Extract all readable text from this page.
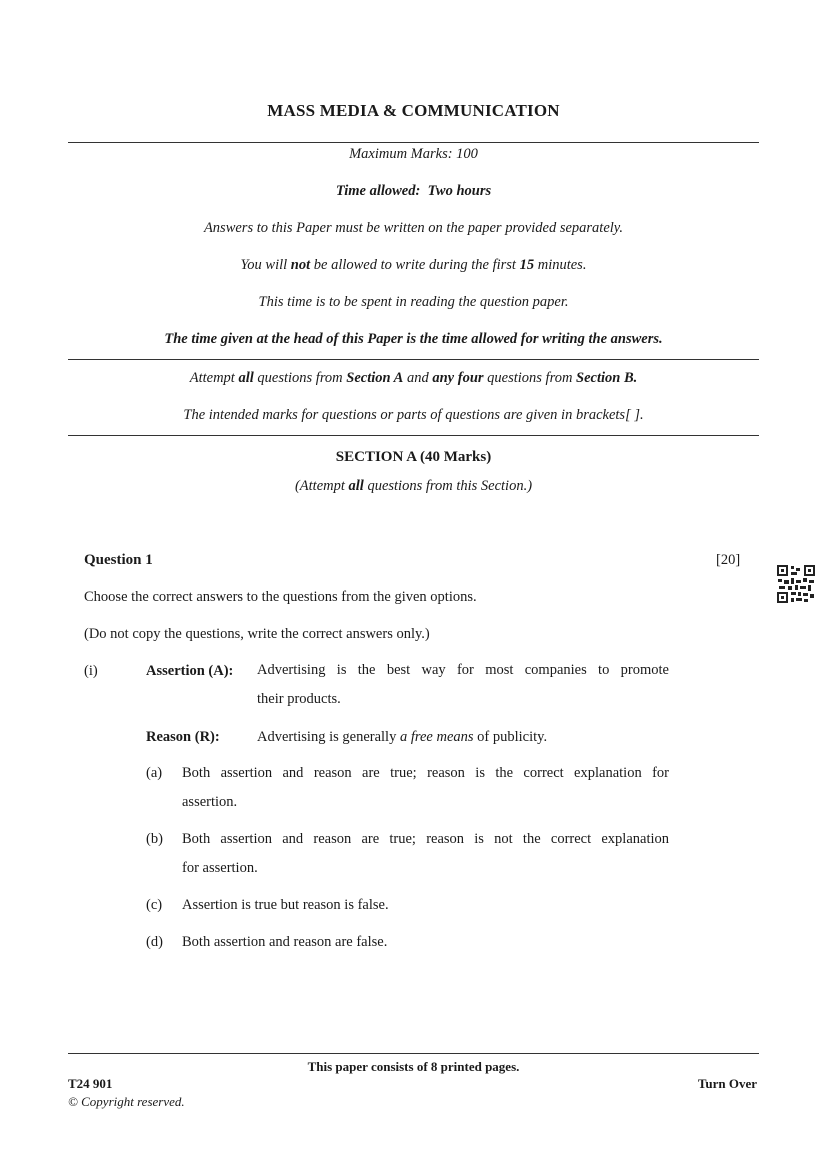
MASS MEDIA & COMMUNICATION
Maximum Marks: 100
Time allowed: Two hours
Answers to this Paper must be written on the paper provided separately.
You will not be allowed to write during the first 15 minutes.
This time is to be spent in reading the question paper.
The time given at the head of this Paper is the time allowed for writing the answers.
Attempt all questions from Section A and any four questions from Section B.
The intended marks for questions or parts of questions are given in brackets[ ].
SECTION A (40 Marks)
(Attempt all questions from this Section.)
Question 1	[20]
Choose the correct answers to the questions from the given options.
(Do not copy the questions, write the correct answers only.)
(i)	Assertion (A): Advertising is the best way for most companies to promote
their products.
Reason (R):	Advertising is generally a free means of publicity.
(a) Both assertion and reason are true; reason is the correct explanation for
assertion.
(b) Both assertion and reason are true; reason is not the correct explanation
for assertion.
(c) Assertion is true but reason is false.
(d) Both assertion and reason are false.
This paper consists of 8 printed pages.
T24 901	Turn Over
© Copyright reserved.
